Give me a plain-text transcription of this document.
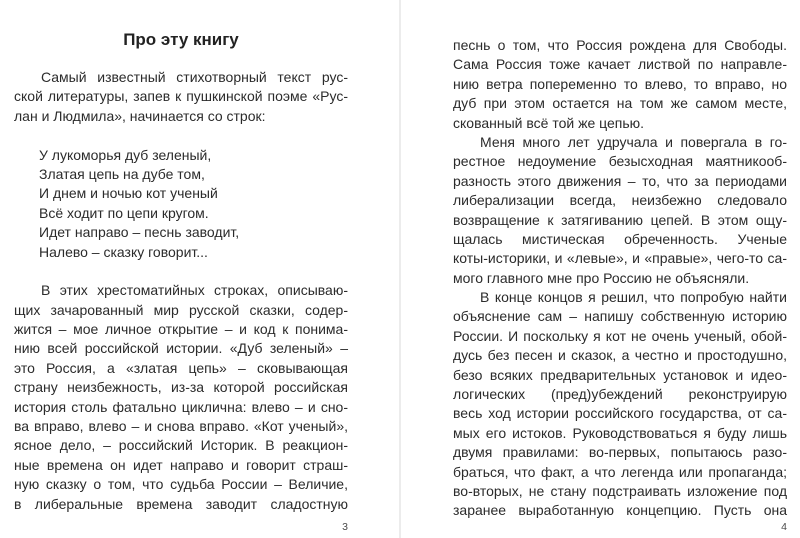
Про эту книгу
Самый известный стихотворный текст рус-
ской литературы, запев к пушкинской поэме «Рус-
лан и Людмила», начинается со строк:
У лукоморья дуб зеленый,
Златая цепь на дубе том,
И днем и ночью кот ученый
Всё ходит по цепи кругом.
Идет направо – песнь заводит,
Налево – сказку говорит...
В этих хрестоматийных строках, описываю-
щих зачарованный мир русской сказки, содер-
жится – мое личное открытие – и код к понима-
нию всей российской истории. «Дуб зеленый» –
это Россия, а «златая цепь» – сковывающая
страну неизбежность, из-за которой российская
история столь фатально циклична: влево – и сно-
ва вправо, влево – и снова вправо. «Кот ученый»,
ясное дело, – российский Историк. В реакцион-
ные времена он идет направо и говорит страш-
ную сказку о том, что судьба России – Величие,
в либеральные времена заводит сладостную
3
песнь о том, что Россия рождена для Свободы.
Сама Россия тоже качает листвой по направле-
нию ветра попеременно то влево, то вправо, но
дуб при этом остается на том же самом месте,
скованный всё той же цепью.
Меня много лет удручала и повергала в го-
рестное недоумение безысходная маятникооб-
разность этого движения – то, что за периодами
либерализации всегда, неизбежно следовало
возвращение к затягиванию цепей. В этом ощу-
щалась мистическая обреченность. Ученые
коты-историки, и «левые», и «правые», чего-то са-
мого главного мне про Россию не объясняли.
В конце концов я решил, что попробую найти
объяснение сам – напишу собственную историю
России. И поскольку я кот не очень ученый, обой-
дусь без песен и сказок, а честно и простодушно,
безо всяких предварительных установок и идео-
логических (пред)убеждений реконструирую
весь ход истории российского государства, от са-
мых его истоков. Руководствоваться я буду лишь
двумя правилами: во-первых, попытаюсь разо-
браться, что факт, а что легенда или пропаганда;
во-вторых, не стану подстраивать изложение под
заранее выработанную концепцию. Пусть она
4
